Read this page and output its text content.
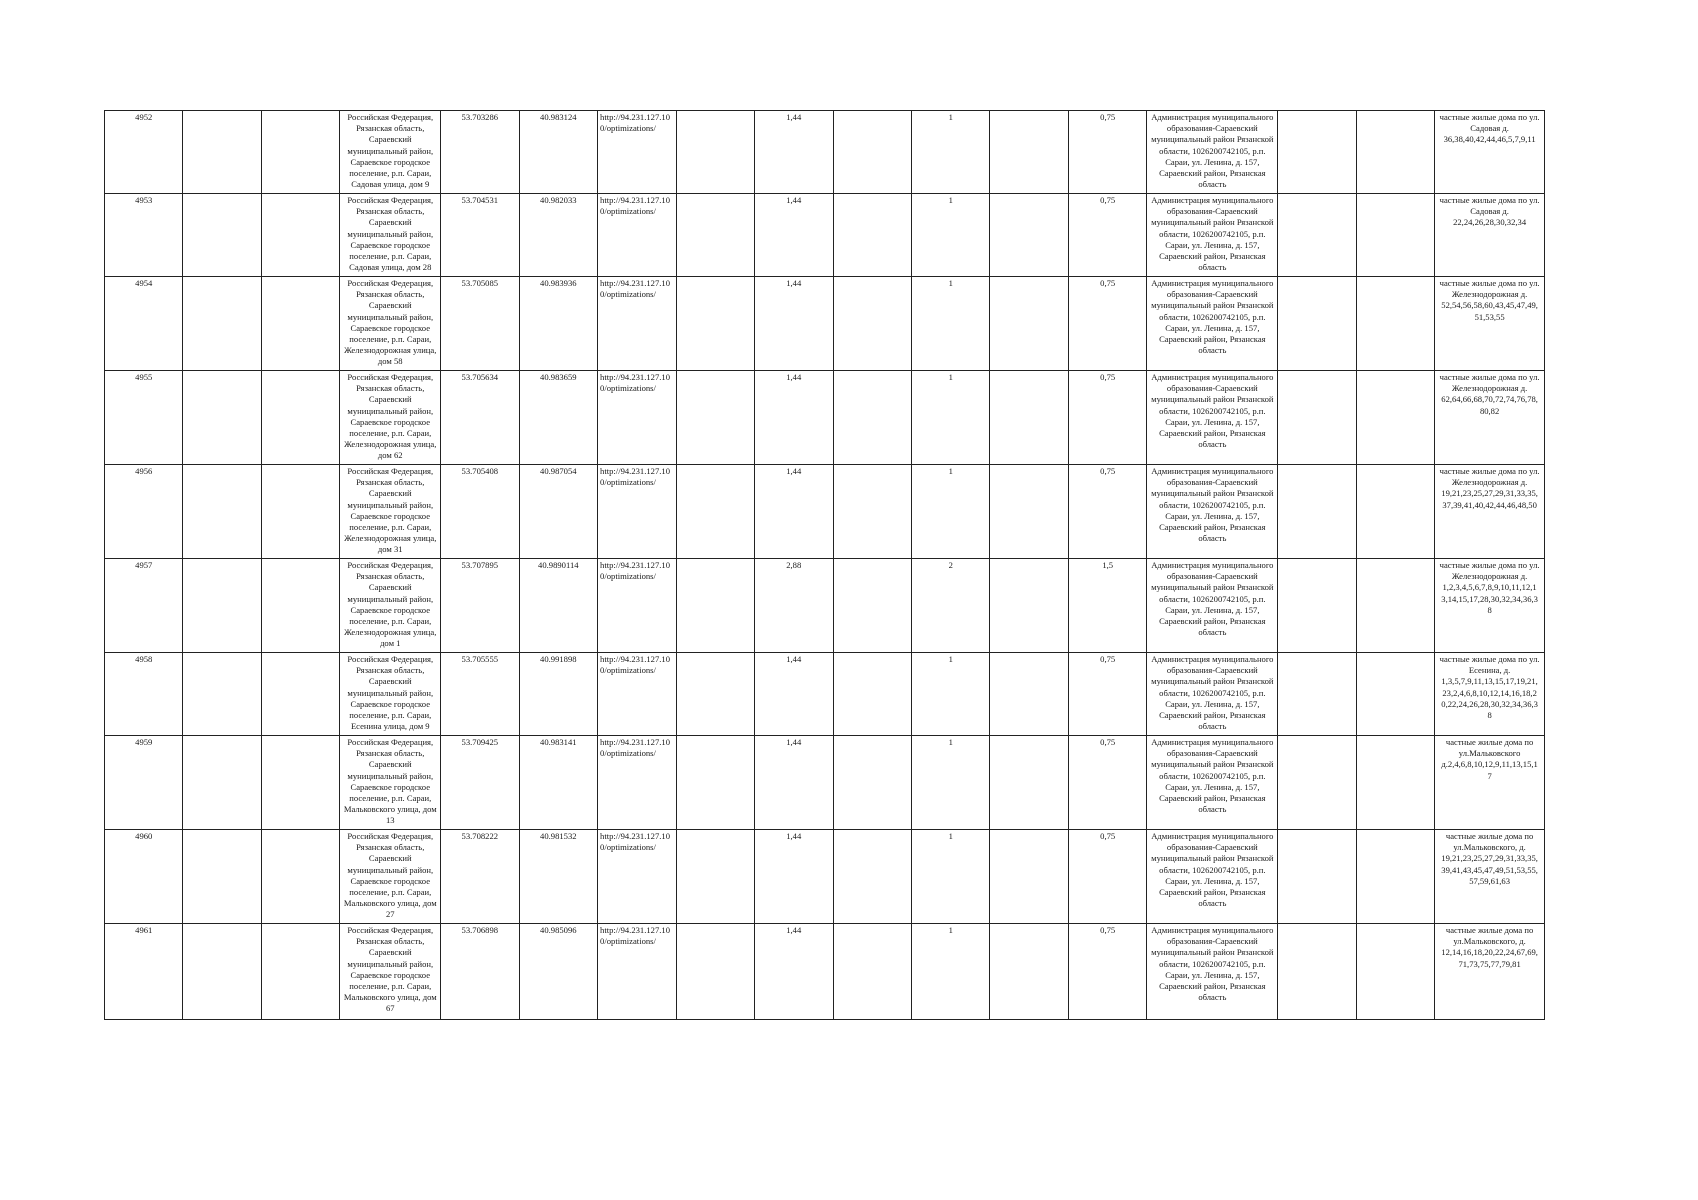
4952			Российская Федерация, Рязанская область, Сараевский муниципальный район, Сараевское городское поселение, р.п. Сараи, Садовая улица, дом 9	53.703286	40.983124	http://94.231.127.10 0/optimizations/		1,44		1		0,75	Администрация муниципального образования-Сараевский муниципальный район Рязанской области, 1026200742105, р.п. Сараи, ул. Ленина, д. 157, Сараевский район, Рязанская область			частные жилые дома по ул. Садовая д. 36,38,40,42,44,46,5,7,9,11
4953			Российская Федерация, Рязанская область, Сараевский муниципальный район, Сараевское городское поселение, р.п. Сараи, Садовая улица, дом 28	53.704531	40.982033	http://94.231.127.10 0/optimizations/		1,44		1		0,75	Администрация муниципального образования-Сараевский муниципальный район Рязанской области, 1026200742105, р.п. Сараи, ул. Ленина, д. 157, Сараевский район, Рязанская область			частные жилые дома по ул. Садовая д. 22,24,26,28,30,32,34
4954			Российская Федерация, Рязанская область, Сараевский муниципальный район, Сараевское городское поселение, р.п. Сараи, Железнодорожная улица, дом 58	53.705085	40.983936	http://94.231.127.10 0/optimizations/		1,44		1		0,75	Администрация муниципального образования-Сараевский муниципальный район Рязанской области, 1026200742105, р.п. Сараи, ул. Ленина, д. 157, Сараевский район, Рязанская область			частные жилые дома по ул. Железнодорожная д. 52,54,56,58,60,43,45,47,49, 51,53,55
4955			Российская Федерация, Рязанская область, Сараевский муниципальный район, Сараевское городское поселение, р.п. Сараи, Железнодорожная улица, дом 62	53.705634	40.983659	http://94.231.127.10 0/optimizations/		1,44		1		0,75	Администрация муниципального образования-Сараевский муниципальный район Рязанской области, 1026200742105, р.п. Сараи, ул. Ленина, д. 157, Сараевский район, Рязанская область			частные жилые дома по ул. Железнодорожная д. 62,64,66,68,70,72,74,76,78, 80,82
4956			Российская Федерация, Рязанская область, Сараевский муниципальный район, Сараевское городское поселение, р.п. Сараи, Железнодорожная улица, дом 31	53.705408	40.987054	http://94.231.127.10 0/optimizations/		1,44		1		0,75	Администрация муниципального образования-Сараевский муниципальный район Рязанской области, 1026200742105, р.п. Сараи, ул. Ленина, д. 157, Сараевский район, Рязанская область			частные жилые дома по ул. Железнодорожная д. 19,21,23,25,27,29,31,33,35, 37,39,41,40,42,44,46,48,50
4957			Российская Федерация, Рязанская область, Сараевский муниципальный район, Сараевское городское поселение, р.п. Сараи, Железнодорожная улица, дом 1	53.707895	40.9890114	http://94.231.127.10 0/optimizations/		2,88		2		1,5	Администрация муниципального образования-Сараевский муниципальный район Рязанской области, 1026200742105, р.п. Сараи, ул. Ленина, д. 157, Сараевский район, Рязанская область			частные жилые дома по ул. Железнодорожная д. 1,2,3,4,5,6,7,8,9,10,11,12,1 3,14,15,17,28,30,32,34,36,3 8
4958			Российская Федерация, Рязанская область, Сараевский муниципальный район, Сараевское городское поселение, р.п. Сараи, Есенина улица, дом 9	53.705555	40.991898	http://94.231.127.10 0/optimizations/		1,44		1		0,75	Администрация муниципального образования-Сараевский муниципальный район Рязанской области, 1026200742105, р.п. Сараи, ул. Ленина, д. 157, Сараевский район, Рязанская область			частные жилые дома по ул. Есенина, д. 1,3,5,7,9,11,13,15,17,19,21, 23,2,4,6,8,10,12,14,16,18,2 0,22,24,26,28,30,32,34,36,3 8
4959			Российская Федерация, Рязанская область, Сараевский муниципальный район, Сараевское городское поселение, р.п. Сараи, Мальковского улица, дом 13	53.709425	40.983141	http://94.231.127.10 0/optimizations/		1,44		1		0,75	Администрация муниципального образования-Сараевский муниципальный район Рязанской области, 1026200742105, р.п. Сараи, ул. Ленина, д. 157, Сараевский район, Рязанская область			частные жилые дома по ул.Мальковского д.2,4,6,8,10,12,9,11,13,15,1 7
4960			Российская Федерация, Рязанская область, Сараевский муниципальный район, Сараевское городское поселение, р.п. Сараи, Мальковского улица, дом 27	53.708222	40.981532	http://94.231.127.10 0/optimizations/		1,44		1		0,75	Администрация муниципального образования-Сараевский муниципальный район Рязанской области, 1026200742105, р.п. Сараи, ул. Ленина, д. 157, Сараевский район, Рязанская область			частные жилые дома по ул.Мальковского, д. 19,21,23,25,27,29,31,33,35, 39,41,43,45,47,49,51,53,55, 57,59,61,63
4961			Российская Федерация, Рязанская область, Сараевский муниципальный район, Сараевское городское поселение, р.п. Сараи, Мальковского улица, дом 67	53.706898	40.985096	http://94.231.127.10 0/optimizations/		1,44		1		0,75	Администрация муниципального образования-Сараевский муниципальный район Рязанской области, 1026200742105, р.п. Сараи, ул. Ленина, д. 157, Сараевский район, Рязанская область			частные жилые дома по ул.Мальковского, д. 12,14,16,18,20,22,24,67,69, 71,73,75,77,79,81
